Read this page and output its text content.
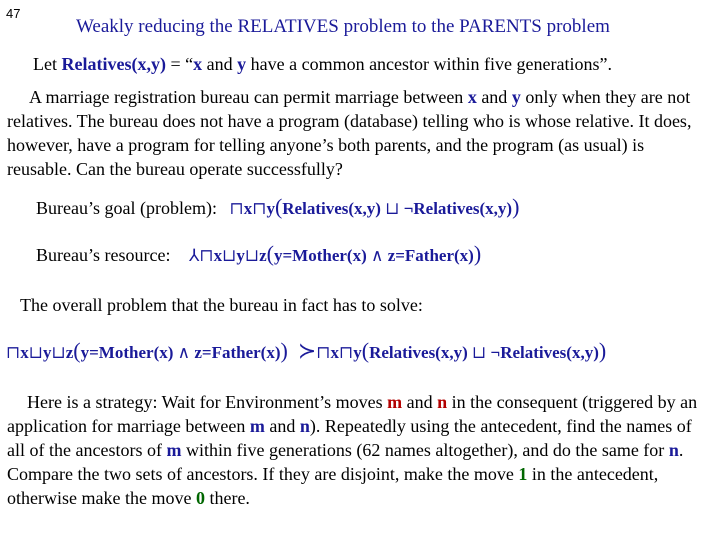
47
Weakly reducing the RELATIVES problem to the PARENTS problem
Let Relatives(x,y) = “x and y have a common ancestor within five generations”.
A marriage registration bureau can permit marriage between x and y only when they are not relatives. The bureau does not have a program (database) telling who is whose relative. It does, however, have a program for telling anyone’s both parents, and the program (as usual) is reusable. Can the bureau operate successfully?
Bureau’s goal (problem): ⊓x⊓y(Relatives(x,y) ⊔ ¬Relatives(x,y))
Bureau’s resource: ⅄⊓x⊔y⊔z(y=Mother(x) ∧ z=Father(x))
The overall problem that the bureau in fact has to solve:
⊓x⊔y⊔z(y=Mother(x) ∧ z=Father(x)) ≻⊓x⊓y(Relatives(x,y) ⊔ ¬Relatives(x,y))
Here is a strategy: Wait for Environment’s moves m and n in the consequent (triggered by an application for marriage between m and n). Repeatedly using the antecedent, find the names of all of the ancestors of m within five generations (62 names altogether), and do the same for n. Compare the two sets of ancestors. If they are disjoint, make the move 1 in the antecedent, otherwise make the move 0 there.
